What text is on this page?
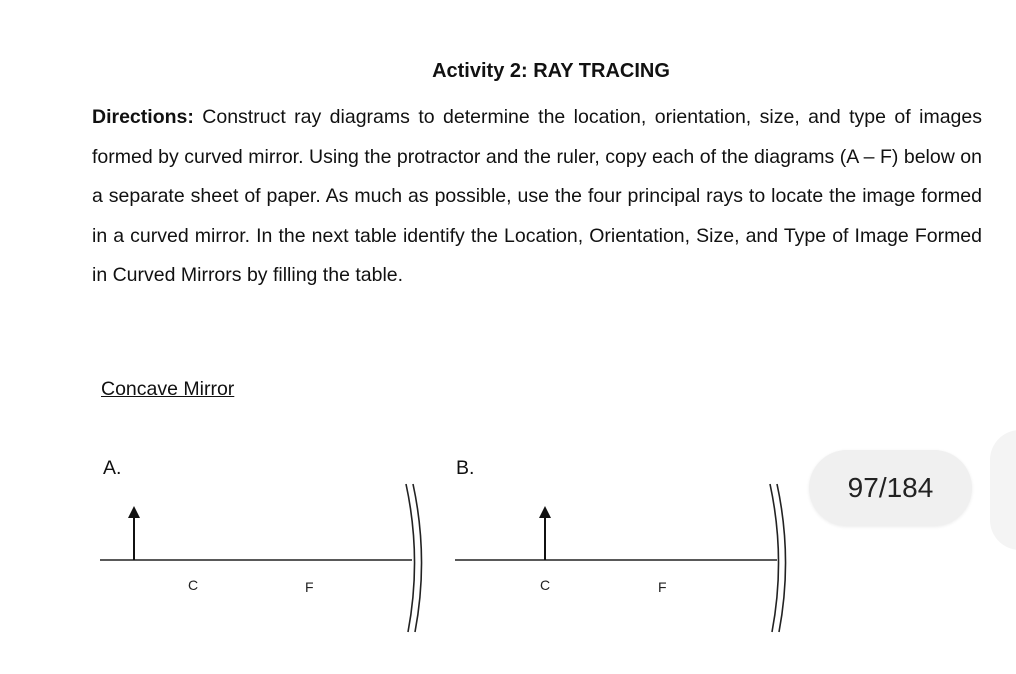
Activity 2: RAY TRACING
Directions: Construct ray diagrams to determine the location, orientation, size, and type of images formed by curved mirror. Using the protractor and the ruler, copy each of the diagrams (A – F) below on a separate sheet of paper. As much as possible, use the four principal rays to locate the image formed in a curved mirror. In the next table identify the Location, Orientation, Size, and Type of Image Formed in Curved Mirrors by filling the table.
Concave Mirror
A.	B.
C	F	C	F
97/184
